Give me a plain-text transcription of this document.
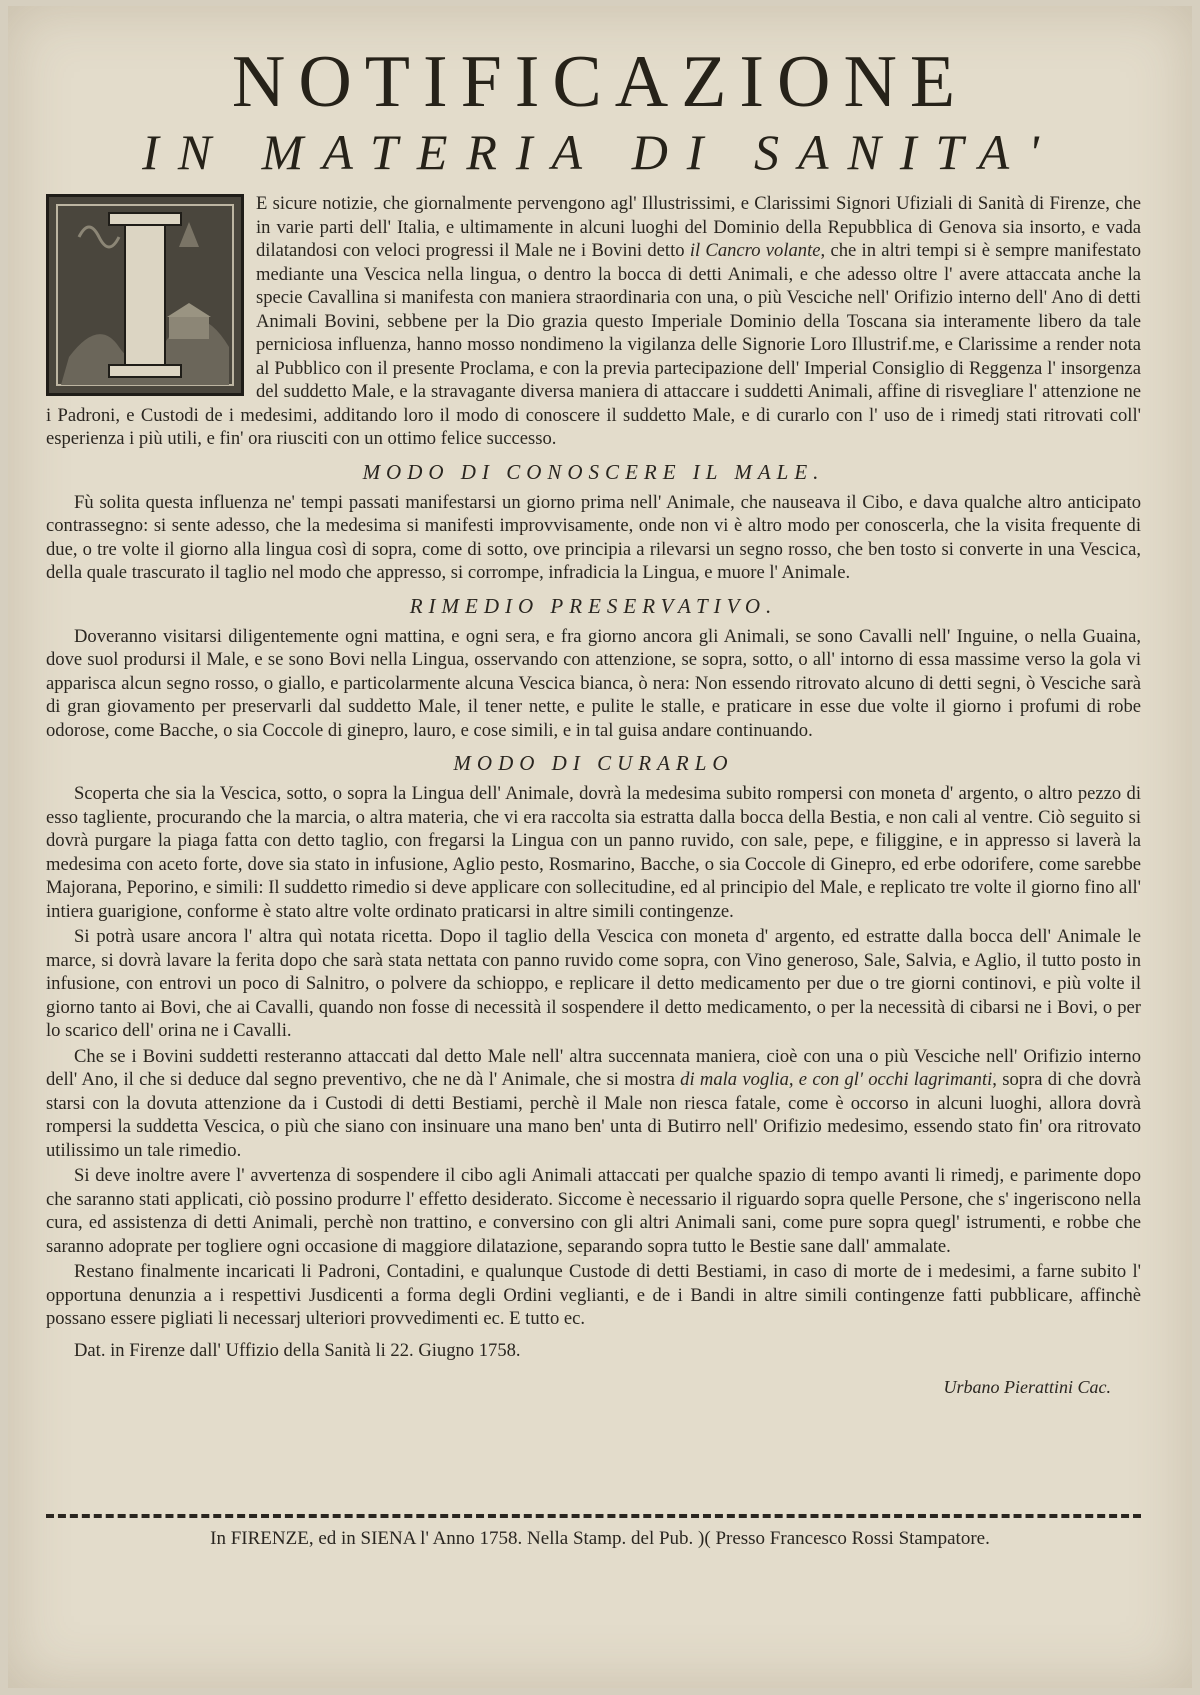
NOTIFICAZIONE
IN MATERIA DI SANITA'

E sicure notizie, che giornalmente pervengono agl' Illustrissimi, e Clarissimi Signori Ufiziali di Sanità di Firenze, che in varie parti dell' Italia, e ultimamente in alcuni luoghi del Dominio della Repubblica di Genova sia insorto, e vada dilatandosi con veloci progressi il Male ne i Bovini detto il Cancro volante, che in altri tempi si è sempre manifestato mediante una Vescica nella lingua, o dentro la bocca di detti Animali, e che adesso oltre l' avere attaccata anche la specie Cavallina si manifesta con maniera straordinaria con una, o più Vesciche nell' Orifizio interno dell' Ano di detti Animali Bovini, sebbene per la Dio grazia questo Imperiale Dominio della Toscana sia interamente libero da tale perniciosa influenza, hanno mosso nondimeno la vigilanza delle Signorie Loro Illustrif.me, e Clarissime a render nota al Pubblico con il presente Proclama, e con la previa partecipazione dell' Imperial Consiglio di Reggenza l' insorgenza del suddetto Male, e la stravagante diversa maniera di attaccare i suddetti Animali, affine di risvegliare l' attenzione ne i Padroni, e Custodi de i medesimi, additando loro il modo di conoscere il suddetto Male, e di curarlo con l' uso de i rimedj stati ritrovati coll' esperienza i più utili, e fin' ora riusciti con un ottimo felice successo.

MODO DI CONOSCERE IL MALE.

Fù solita questa influenza ne' tempi passati manifestarsi un giorno prima nell' Animale, che nauseava il Cibo, e dava qualche altro anticipato contrassegno: si sente adesso, che la medesima si manifesti improvvisamente, onde non vi è altro modo per conoscerla, che la visita frequente di due, o tre volte il giorno alla lingua così di sopra, come di sotto, ove principia a rilevarsi un segno rosso, che ben tosto si converte in una Vescica, della quale trascurato il taglio nel modo che appresso, si corrompe, infradicia la Lingua, e muore l' Animale.

RIMEDIO PRESERVATIVO.

Doveranno visitarsi diligentemente ogni mattina, e ogni sera, e fra giorno ancora gli Animali, se sono Cavalli nell' Inguine, o nella Guaina, dove suol prodursi il Male, e se sono Bovi nella Lingua, osservando con attenzione, se sopra, sotto, o all' intorno di essa massime verso la gola vi apparisca alcun segno rosso, o giallo, e particolarmente alcuna Vescica bianca, ò nera: Non essendo ritrovato alcuno di detti segni, ò Vesciche sarà di gran giovamento per preservarli dal suddetto Male, il tener nette, e pulite le stalle, e praticare in esse due volte il giorno i profumi di robe odorose, come Bacche, o sia Coccole di ginepro, lauro, e cose simili, e in tal guisa andare continuando.

MODO DI CURARLO

Scoperta che sia la Vescica, sotto, o sopra la Lingua dell' Animale, dovrà la medesima subito rompersi con moneta d' argento, o altro pezzo di esso tagliente, procurando che la marcia, o altra materia, che vi era raccolta sia estratta dalla bocca della Bestia, e non cali al ventre. Ciò seguito si dovrà purgare la piaga fatta con detto taglio, con fregarsi la Lingua con un panno ruvido, con sale, pepe, e filiggine, e in appresso si laverà la medesima con aceto forte, dove sia stato in infusione, Aglio pesto, Rosmarino, Bacche, o sia Coccole di Ginepro, ed erbe odorifere, come sarebbe Majorana, Peporino, e simili: Il suddetto rimedio si deve applicare con sollecitudine, ed al principio del Male, e replicato tre volte il giorno fino all' intiera guarigione, conforme è stato altre volte ordinato praticarsi in altre simili contingenze.

Si potrà usare ancora l' altra quì notata ricetta. Dopo il taglio della Vescica con moneta d' argento, ed estratte dalla bocca dell' Animale le marce, si dovrà lavare la ferita dopo che sarà stata nettata con panno ruvido come sopra, con Vino generoso, Sale, Salvia, e Aglio, il tutto posto in infusione, con entrovi un poco di Salnitro, o polvere da schioppo, e replicare il detto medicamento per due o tre giorni continovi, e più volte il giorno tanto ai Bovi, che ai Cavalli, quando non fosse di necessità il sospendere il detto medicamento, o per la necessità di cibarsi ne i Bovi, o per lo scarico dell' orina ne i Cavalli.

Che se i Bovini suddetti resteranno attaccati dal detto Male nell' altra succennata maniera, cioè con una o più Vesciche nell' Orifizio interno dell' Ano, il che si deduce dal segno preventivo, che ne dà l' Animale, che si mostra di mala voglia, e con gl' occhi lagrimanti, sopra di che dovrà starsi con la dovuta attenzione da i Custodi di detti Bestiami, perchè il Male non riesca fatale, come è occorso in alcuni luoghi, allora dovrà rompersi la suddetta Vescica, o più che siano con insinuare una mano ben' unta di Butirro nell' Orifizio medesimo, essendo stato fin' ora ritrovato utilissimo un tale rimedio.

Si deve inoltre avere l' avvertenza di sospendere il cibo agli Animali attaccati per qualche spazio di tempo avanti li rimedj, e parimente dopo che saranno stati applicati, ciò possino produrre l' effetto desiderato. Siccome è necessario il riguardo sopra quelle Persone, che s' ingeriscono nella cura, ed assistenza di detti Animali, perchè non trattino, e conversino con gli altri Animali sani, come pure sopra quegl' istrumenti, e robbe che saranno adoprate per togliere ogni occasione di maggiore dilatazione, separando sopra tutto le Bestie sane dall' ammalate.

Restano finalmente incaricati li Padroni, Contadini, e qualunque Custode di detti Bestiami, in caso di morte de i medesimi, a farne subito l' opportuna denunzia a i respettivi Jusdicenti a forma degli Ordini veglianti, e de i Bandi in altre simili contingenze fatti pubblicare, affinchè possano essere pigliati li necessarj ulteriori provvedimenti ec. E tutto ec.

Dat. in Firenze dall' Uffizio della Sanità li 22. Giugno 1758.

Urbano Pierattini Cac.
In FIRENZE, ed in SIENA l' Anno 1758. Nella Stamp. del Pub. )( Presso Francesco Rossi Stampatore.
